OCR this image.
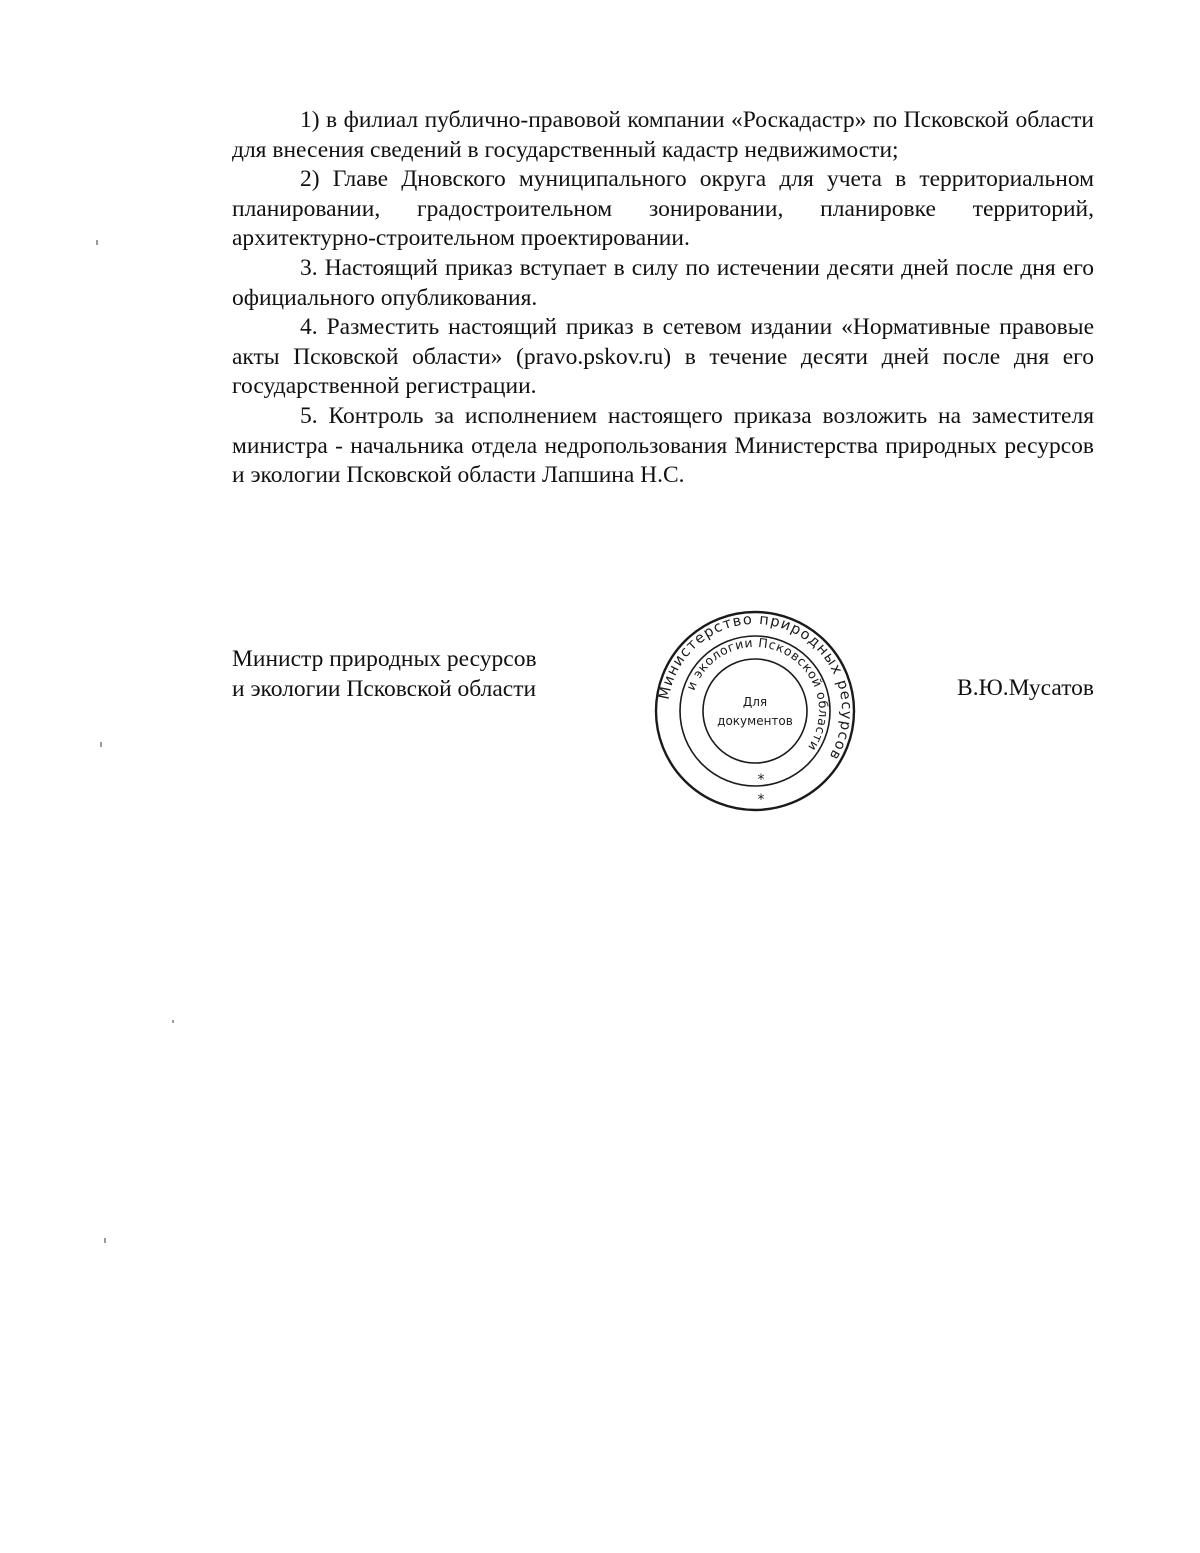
1) в филиал публично-правовой компании «Роскадастр» по Псковской области для внесения сведений в государственный кадастр недвижимости;

2) Главе Дновского муниципального округа для учета в территориальном планировании, градостроительном зонировании, планировке территорий, архитектурно-строительном проектировании.

3. Настоящий приказ вступает в силу по истечении десяти дней после дня его официального опубликования.

4. Разместить настоящий приказ в сетевом издании «Нормативные правовые акты Псковской области» (pravo.pskov.ru) в течение десяти дней после дня его государственной регистрации.

5. Контроль за исполнением настоящего приказа возложить на заместителя министра - начальника отдела недропользования Министерства природных ресурсов и экологии Псковской области Лапшина Н.С.

Министр природных ресурсов
и экологии Псковской области	В.Ю.Мусатов
Министерство природных ресурсов
и экологии Псковской области
Для
документов
*
*
